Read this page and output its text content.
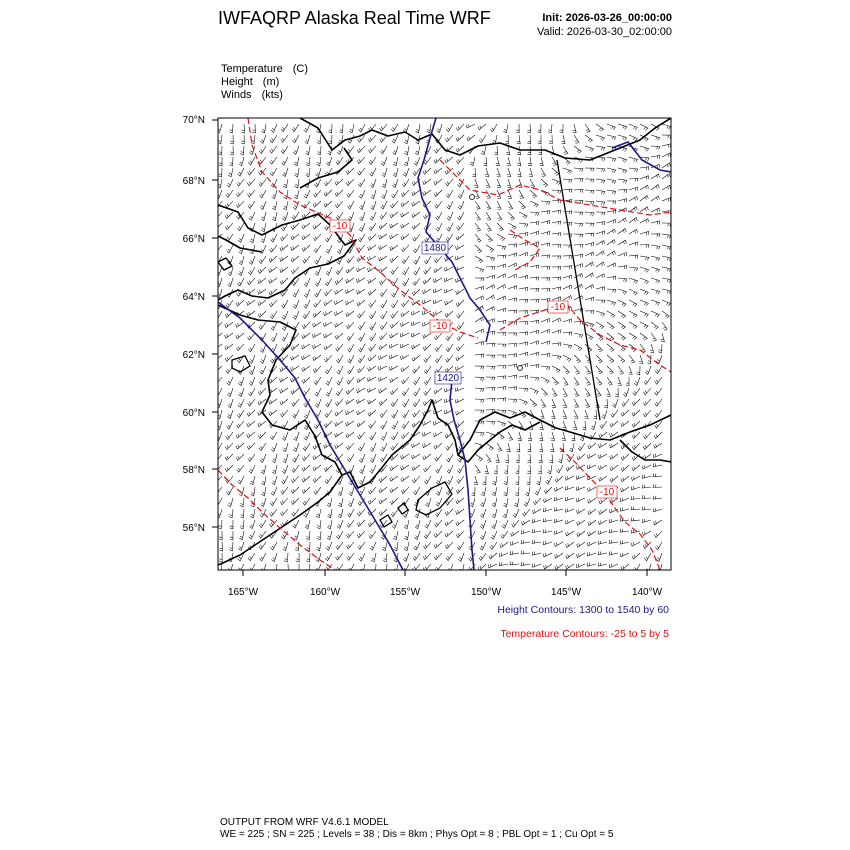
IWFAQRP Alaska Real Time WRF	Init: 2026-03-26_00:00:00
Valid: 2026-03-30_02:00:00
Temperature (C)
Height (m)
Winds (kts)
1480
1420
-10
-10
-10
-10
70°N
68°N
66°N
64°N
62°N
60°N
58°N
56°N
165°W	160°W	155°W	150°W	145°W	140°W
Height Contours: 1300 to 1540 by 60
Temperature Contours: -25 to 5 by 5
OUTPUT FROM WRF V4.6.1 MODEL
WE = 225 ; SN = 225 ; Levels = 38 ; Dis = 8km ; Phys Opt = 8 ; PBL Opt = 1 ; Cu Opt = 5
